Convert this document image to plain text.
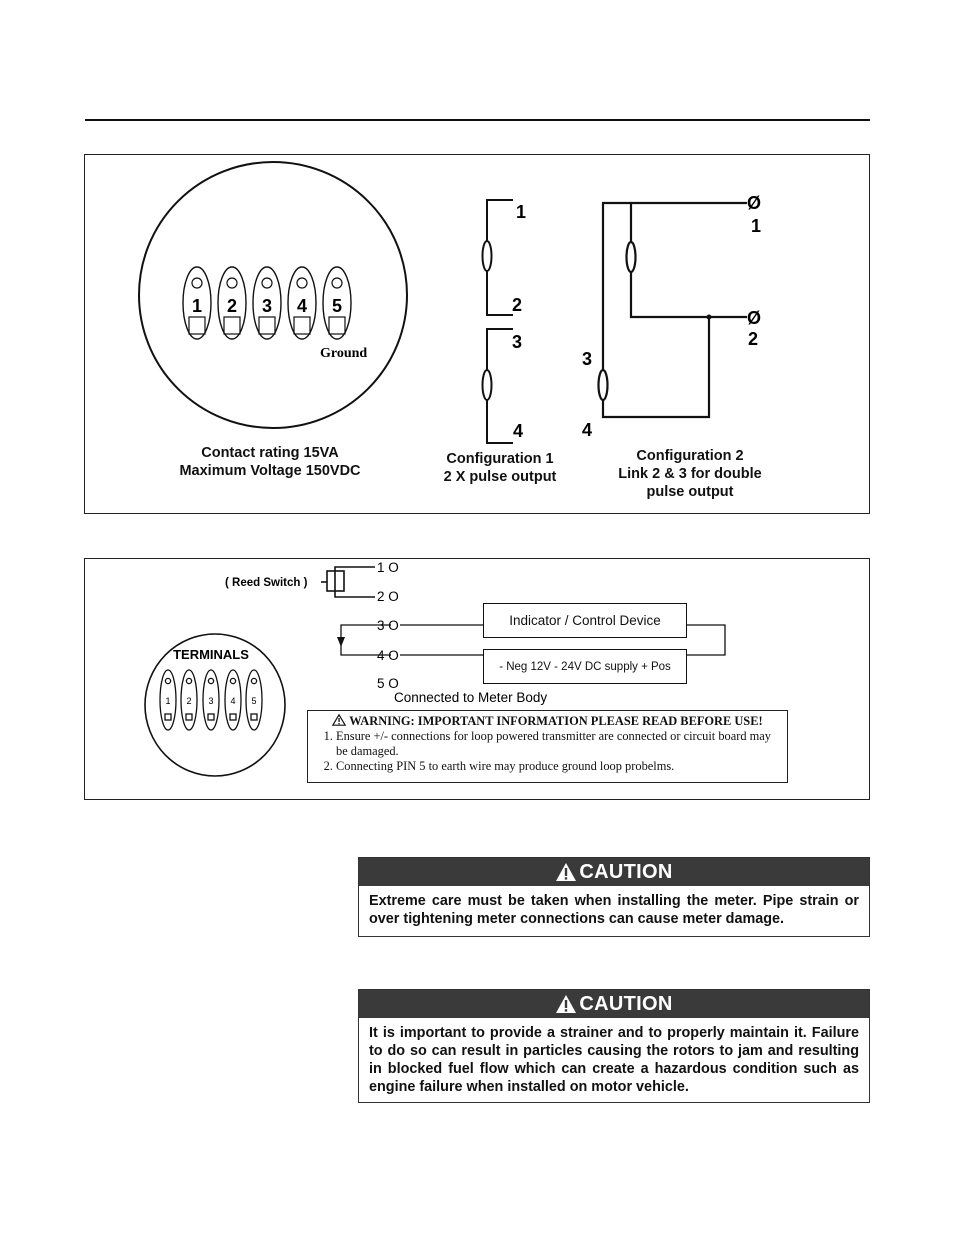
1 2 3 4 5
Ground
1
2
3
4
Ø
Ø
1
2
3
4
Contact rating 15VA
Maximum Voltage 150VDC
Configuration 1
2 X pulse output
Configuration 2
Link 2 & 3 for double
pulse output
( Reed Switch )
1 O
2 O
3 O
4 O
5 O
1 2 3 4 5
TERMINALS
Connected to Meter Body
Indicator / Control Device
- Neg 12V - 24V DC supply + Pos
WARNING: IMPORTANT INFORMATION PLEASE READ BEFORE USE!
1. Ensure +/- connections for loop powered transmitter are connected or circuit board may be damaged.
2. Connecting PIN 5 to earth wire may produce ground loop probelms.
CAUTION
Extreme care must be taken when installing the meter. Pipe strain or over tightening meter connections can cause meter damage.
CAUTION
It is important to provide a strainer and to properly maintain it. Failure to do so can result in particles causing the rotors to jam and resulting in blocked fuel flow which can create a hazardous condition such as engine failure when installed on motor vehicle.
